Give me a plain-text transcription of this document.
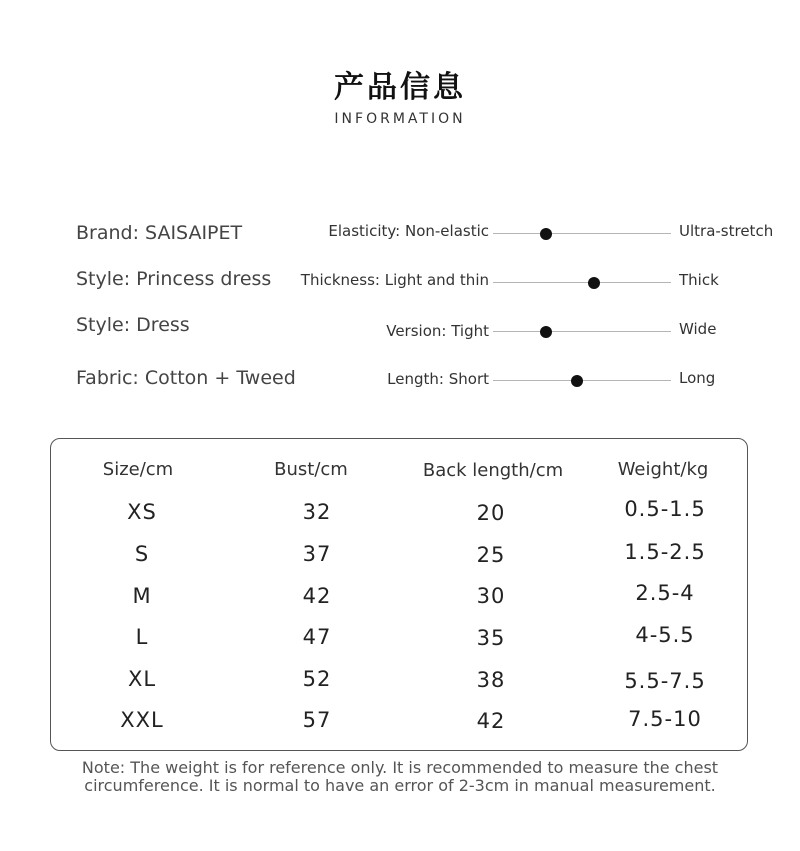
产品信息
INFORMATION
Brand: SAISAIPET
Style: Princess dress
Style: Dress
Fabric: Cotton + Tweed
Elasticity: Non-elastic	Ultra-stretch
Thickness: Light and thin	Thick
Version: Tight	Wide
Length: Short	Long
Size/cm	Bust/cm	Back length/cm	Weight/kg
XS	32	20	0.5-1.5
S	37	25	1.5-2.5
M	42	30	2.5-4
L	47	35	4-5.5
XL	52	38	5.5-7.5
XXL	57	42	7.5-10
Note: The weight is for reference only. It is recommended to measure the chest
circumference. It is normal to have an error of 2-3cm in manual measurement.
